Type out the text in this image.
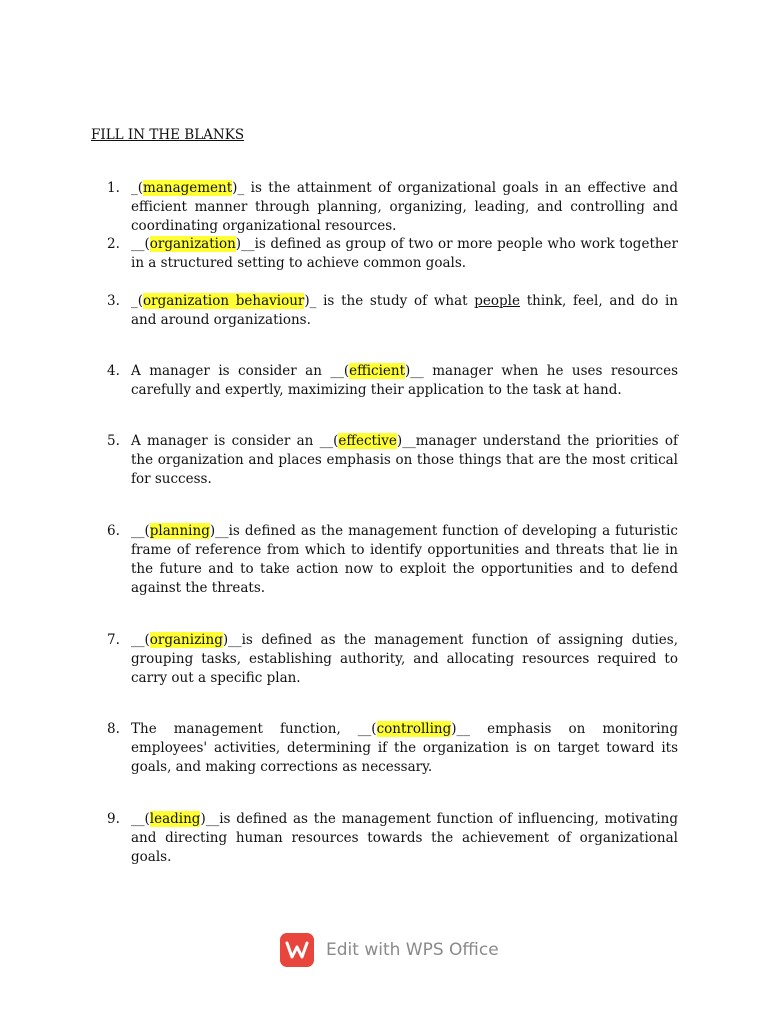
FILL IN THE BLANKS
1. _(management)_ is the attainment of organizational goals in an effective and efficient manner through planning, organizing, leading, and controlling and coordinating organizational resources.
2. __(organization)__is defined as group of two or more people who work together in a structured setting to achieve common goals.
3. _(organization behaviour)_ is the study of what people think, feel, and do in and around organizations.
4. A manager is consider an __(efficient)__ manager when he uses resources carefully and expertly, maximizing their application to the task at hand.
5. A manager is consider an __(effective)__manager understand the priorities of the organization and places emphasis on those things that are the most critical for success.
6. __(planning)__is defined as the management function of developing a futuristic frame of reference from which to identify opportunities and threats that lie in the future and to take action now to exploit the opportunities and to defend against the threats.
7. __(organizing)__is defined as the management function of assigning duties, grouping tasks, establishing authority, and allocating resources required to carry out a specific plan.
8. The management function, __(controlling)__ emphasis on monitoring employees' activities, determining if the organization is on target toward its goals, and making corrections as necessary.
9. __(leading)__is defined as the management function of influencing, motivating and directing human resources towards the achievement of organizational goals.
Edit with WPS Office
